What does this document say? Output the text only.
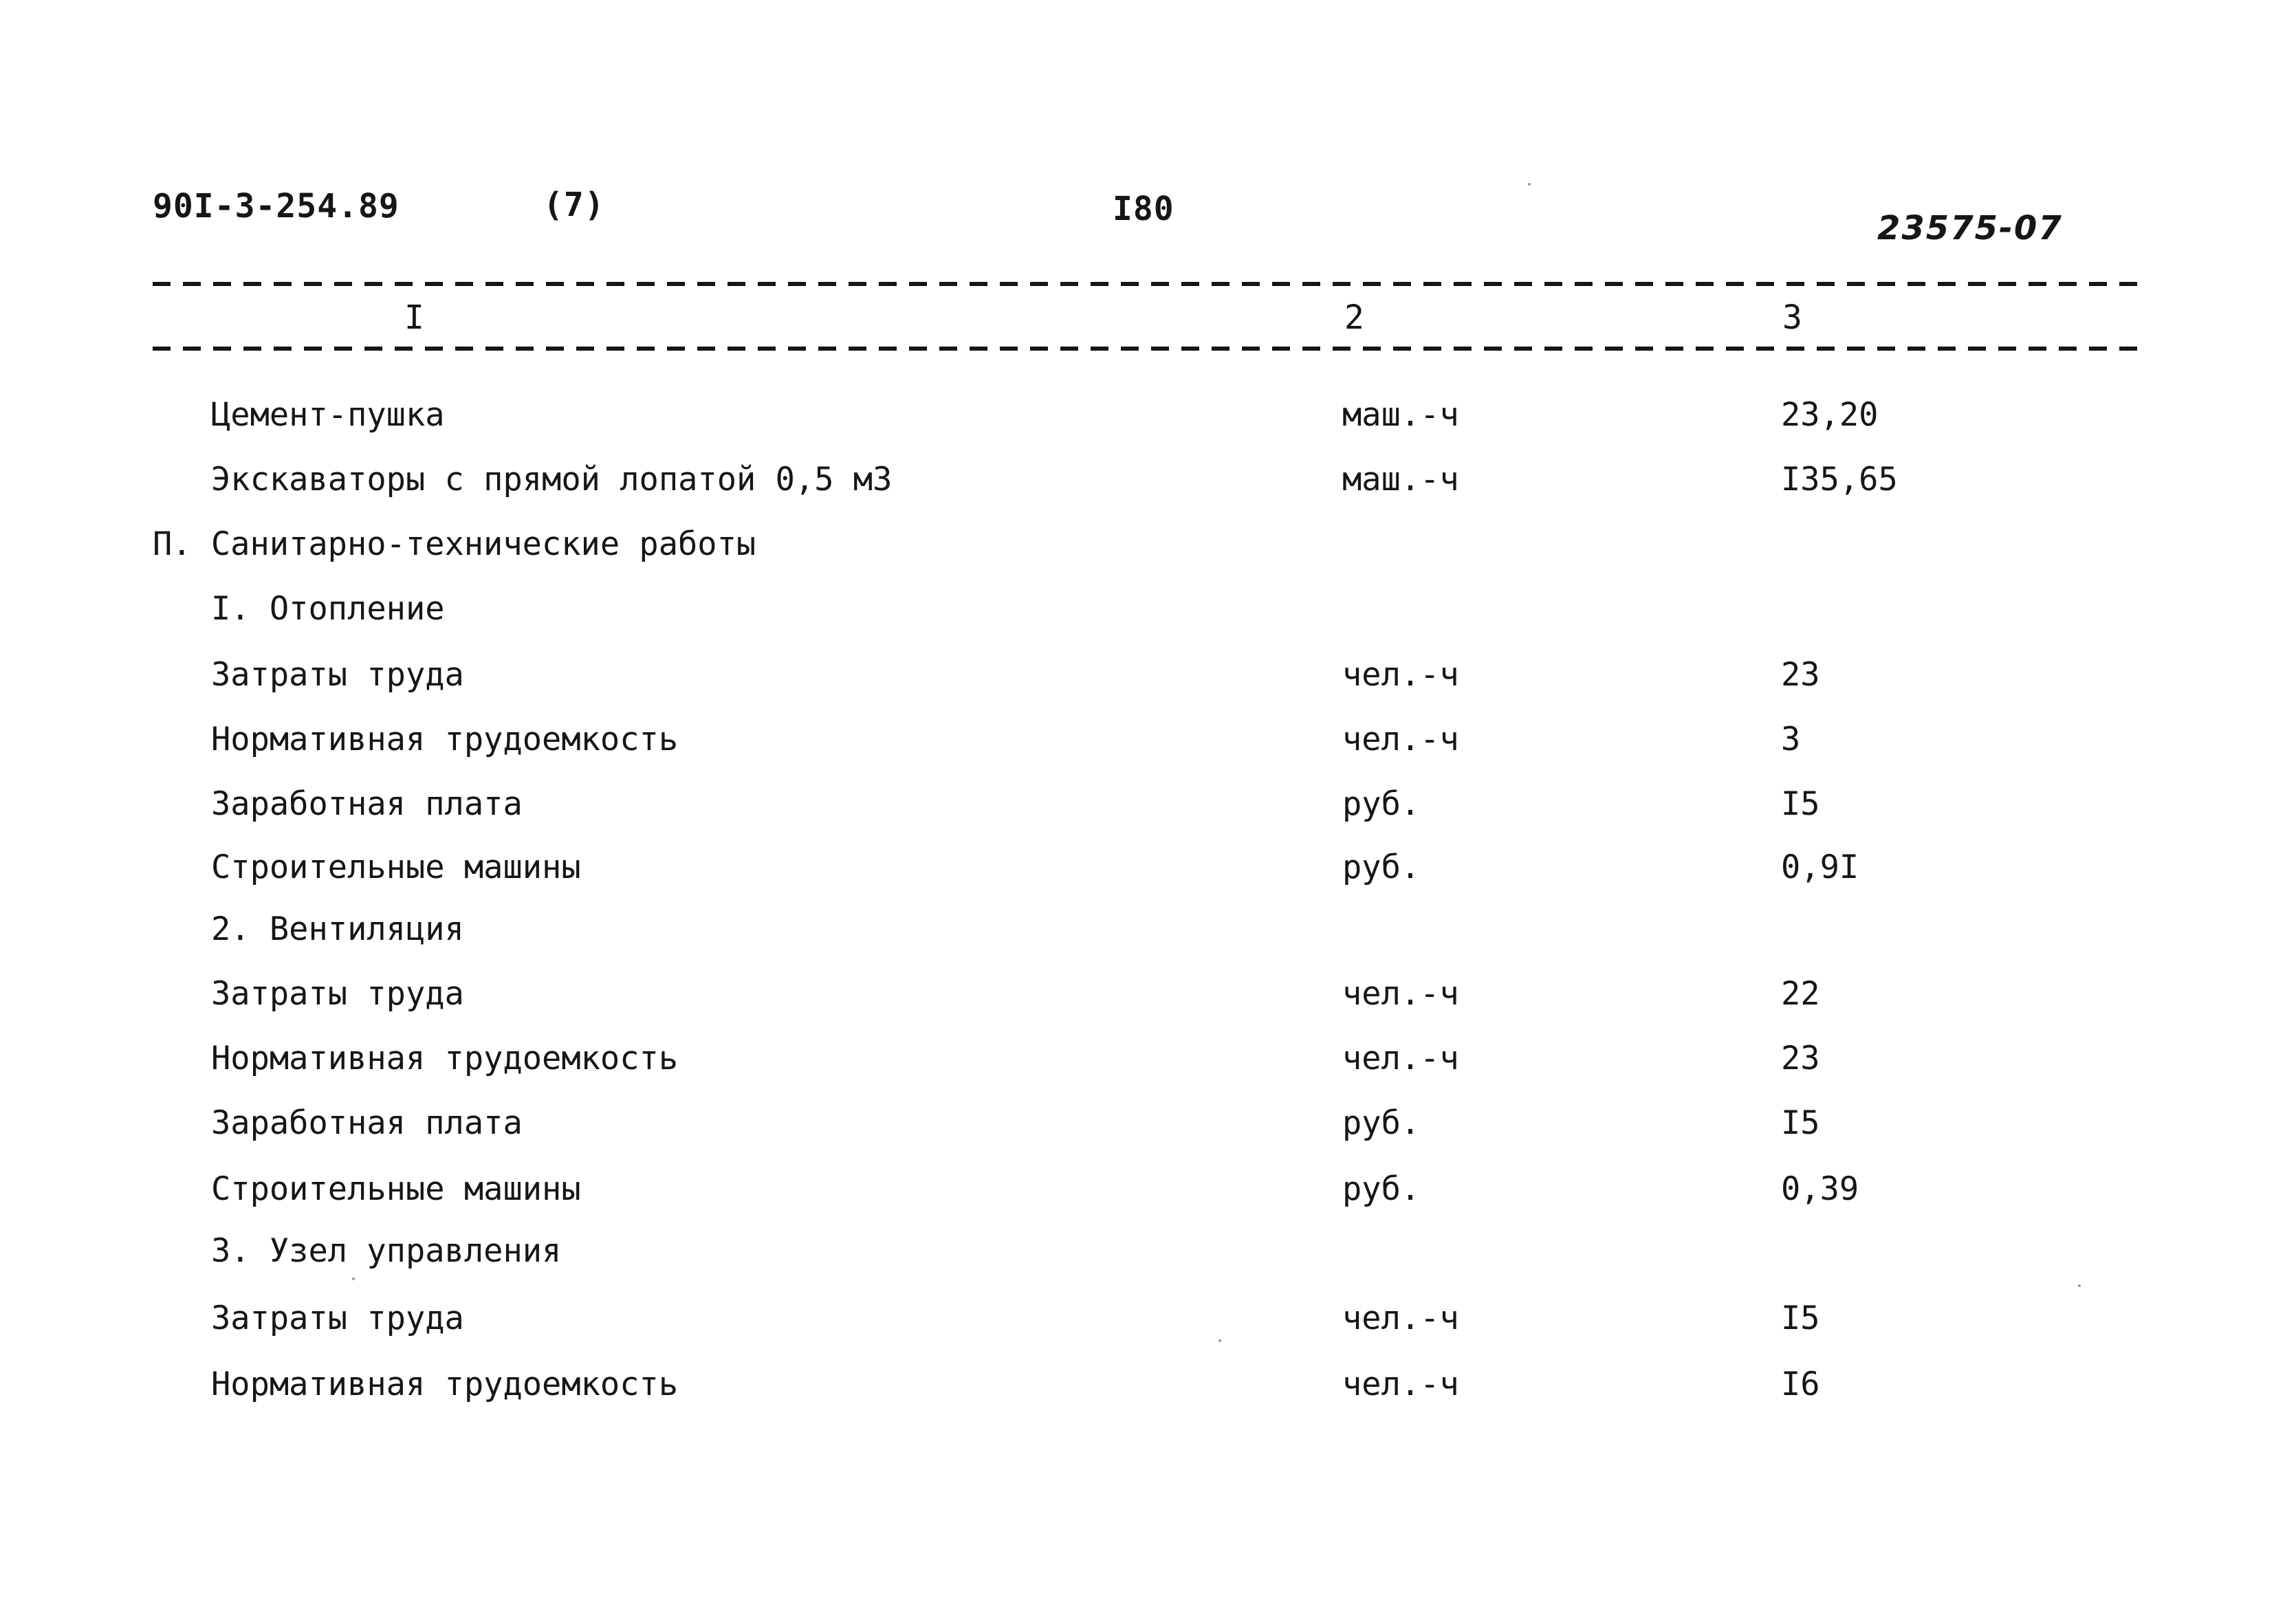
90I-3-254.89	(7)	I80	23575-07
I	2	3
Цемент-пушка	маш.-ч	23,20
Экскаваторы с прямой лопатой 0,5 м3	маш.-ч	I35,65
П. Санитарно-технические работы
I. Отопление
Затраты труда	чел.-ч	23
Нормативная трудоемкость	чел.-ч	3
Заработная плата	руб.	I5
Строительные машины	руб.	0,9I
2. Вентиляция
Затраты труда	чел.-ч	22
Нормативная трудоемкость	чел.-ч	23
Заработная плата	руб.	I5
Строительные машины	руб.	0,39
3. Узел управления
Затраты труда	чел.-ч	I5
Нормативная трудоемкость	чел.-ч	I6
